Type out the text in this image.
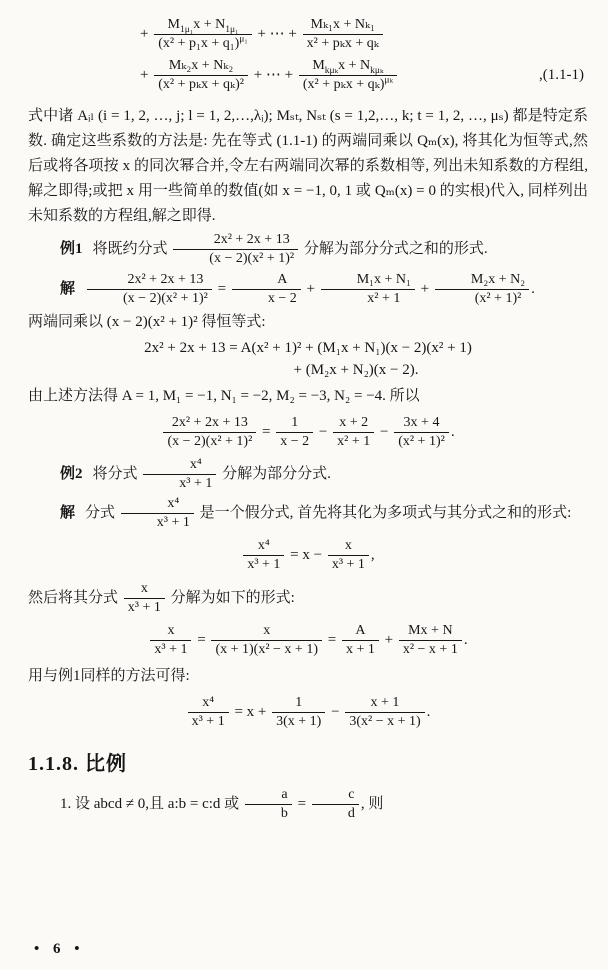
+ $\frac{M_{1\mu_1}x + N_{1\mu_1}}{(x^2 + p_1x + q_1)^{\mu_1}}$ + ⋯ + $\frac{\text{Mₖ₁x + Nₖ₁}}{\text{x² + pₖx + qₖ}}$
+ $\frac{\text{Mₖ₂x + Nₖ₂}}{\text{(x² + pₖx + qₖ)²}}$ + ⋯ + $\frac{M_{k\mu_k}x + N_{k\mu_k}}{(x^2 + p_kx + q_k)^{\mu_k}}$	,(1.1-1)
式中诸 Aᵢₗ (i = 1, 2, …, j; l = 1, 2,…,λᵢ); Mₛₜ, Nₛₜ (s = 1,2,…, k; t = 1, 2, …, μₛ) 都是特定系数. 确定这些系数的方法是: 先在等式 (1.1-1) 的两端同乘以 Qₘ(x), 将其化为恒等式,然后或将各项按 x 的同次幂合并,令左右两端同次幂的系数相等, 列出未知系数的方程组, 解之即得;或把 x 用一些简单的数值(如 x = −1, 0, 1 或 Qₘ(x) = 0 的实根)代入, 同样列出未知系数的方程组,解之即得.
例1 将既约分式 $\frac{\text{2x² + 2x + 13}}{\text{(x − 2)(x² + 1)²}}$ 分解为部分分式之和的形式.
解 $\frac{\text{2x² + 2x + 13}}{\text{(x − 2)(x² + 1)²}} = \frac{A}{x - 2} + \frac{\text{M₁x + N₁}}{\text{x² + 1}} + \frac{\text{M₂x + N₂}}{\text{(x² + 1)²}}$ .
两端同乘以 (x − 2)(x² + 1)² 得恒等式:
2x² + 2x + 13 = A(x² + 1)² + (M₁x + N₁)(x − 2)(x² + 1)
+ (M₂x + N₂)(x − 2).
由上述方法得 A = 1, M₁ = −1, N₁ = −2, M₂ = −3, N₂ = −4. 所以
$\frac{\text{2x² + 2x + 13}}{\text{(x − 2)(x² + 1)²}} = \frac{1}{x - 2} - \frac{x + 2}{\text{x² + 1}} - \frac{3x + 4}{\text{(x² + 1)²}}$ .
例2 将分式 $\frac{\text{x⁴}}{\text{x³ + 1}}$ 分解为部分分式.
解 分式 $\frac{\text{x⁴}}{\text{x³ + 1}}$ 是一个假分式, 首先将其化为多项式与其分式之和的形式:
$\frac{\text{x⁴}}{\text{x³ + 1}} = x - \frac{x}{\text{x³ + 1}}$ ,
然后将其分式 $\frac{x}{\text{x³ + 1}}$ 分解为如下的形式:
$\frac{x}{\text{x³ + 1}} = \frac{x}{\text{(x + 1)(x² − x + 1)}} = \frac{A}{x + 1} + \frac{Mx + N}{\text{x² − x + 1}}$ .
用与例1同样的方法可得:
$\frac{\text{x⁴}}{\text{x³ + 1}} = x + \frac{1}{3(x + 1)} - \frac{x + 1}{\text{3(x² − x + 1)}}$ .
1.1.8. 比例
1. 设 abcd ≠ 0,且 a:b = c:d 或 $\frac{a}{b} = \frac{c}{d}$ , 则
• 6 •
